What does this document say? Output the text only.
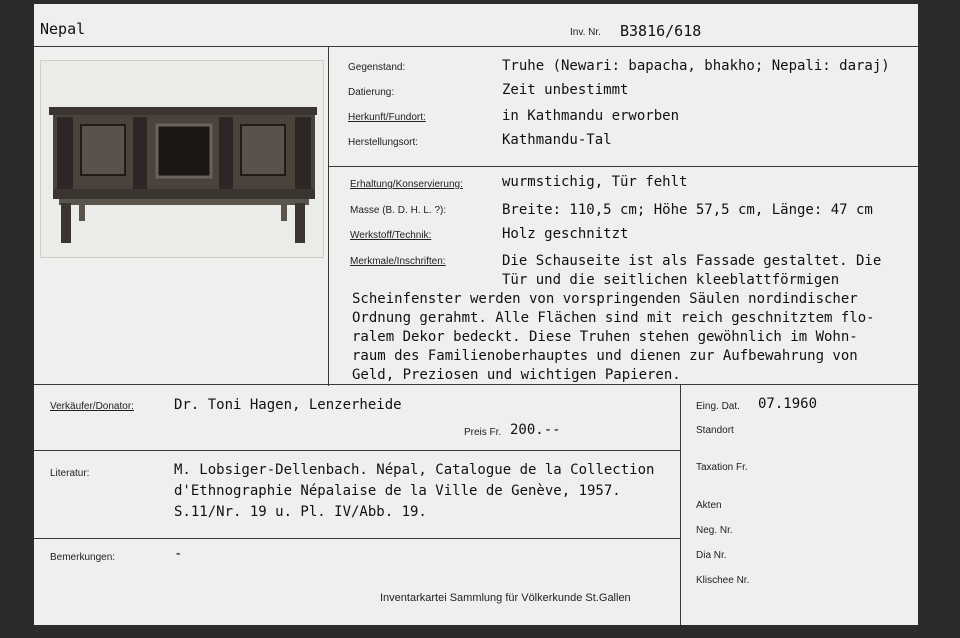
Nepal	Inv. Nr. B3816/618
Gegenstand:	Truhe (Newari: bapacha, bhakho; Nepali: daraj)
Datierung:	Zeit unbestimmt
Herkunft/Fundort:	in Kathmandu erworben
Herstellungsort:	Kathmandu-Tal
Erhaltung/Konservierung:	wurmstichig, Tür fehlt
Masse (B. D. H. L. ?):	Breite: 110,5 cm; Höhe 57,5 cm, Länge: 47 cm
Werkstoff/Technik:	Holz geschnitzt
Merkmale/Inschriften:	Die Schauseite ist als Fassade gestaltet. Die
Tür und die seitlichen kleeblattförmigen
Scheinfenster werden von vorspringenden Säulen nordindischer
Ordnung gerahmt. Alle Flächen sind mit reich geschnitztem flo-
ralem Dekor bedeckt. Diese Truhen stehen gewöhnlich im Wohn-
raum des Familienoberhauptes und dienen zur Aufbewahrung von
Geld, Preziosen und wichtigen Papieren.
Verkäufer/Donator:	Dr. Toni Hagen, Lenzerheide
Preis Fr. 200.--
Literatur:	M. Lobsiger-Dellenbach. Népal, Catalogue de la Collection
d'Ethnographie Népalaise de la Ville de Genève, 1957.
S.11/Nr. 19 u. Pl. IV/Abb. 19.
Bemerkungen:	-
Inventarkartei Sammlung für Völkerkunde St.Gallen
Eing. Dat. 07.1960
Standort
Taxation Fr.
Akten
Neg. Nr.
Dia Nr.
Klischee Nr.
